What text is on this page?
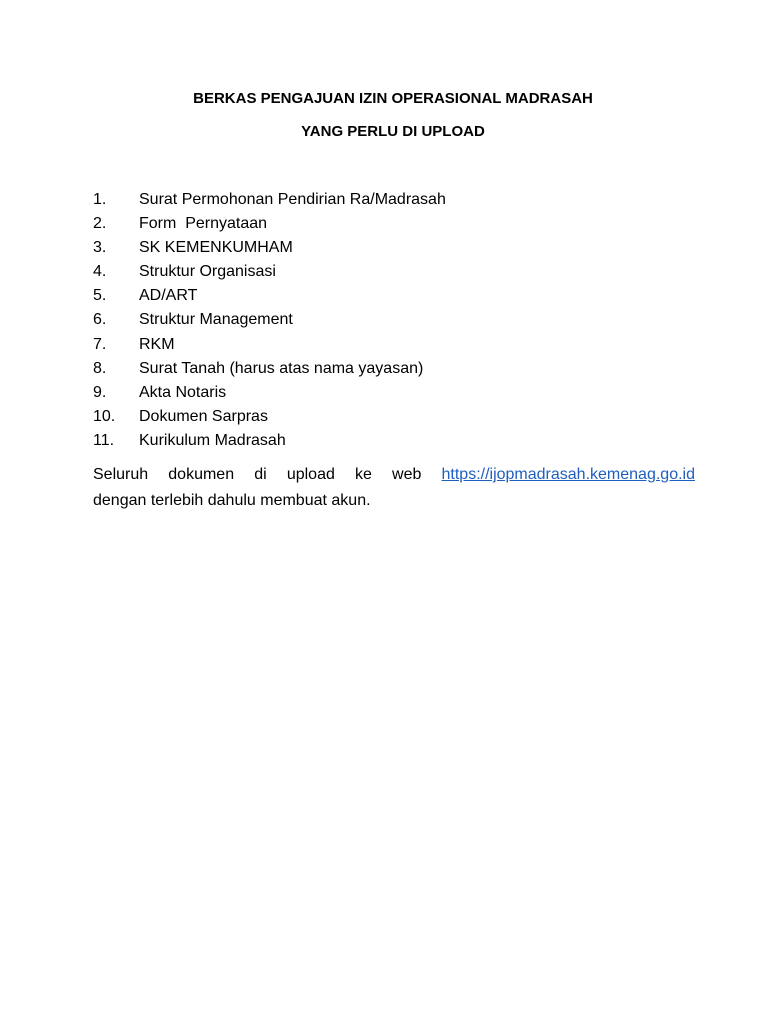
BERKAS PENGAJUAN IZIN OPERASIONAL MADRASAH
YANG PERLU DI UPLOAD
1.	Surat Permohonan Pendirian Ra/Madrasah
2.	Form  Pernyataan
3.	SK KEMENKUMHAM
4.	Struktur Organisasi
5.	AD/ART
6.	Struktur Management
7.	RKM
8.	Surat Tanah (harus atas nama yayasan)
9.	Akta Notaris
10.	Dokumen Sarpras
11.	Kurikulum Madrasah
Seluruh dokumen di upload ke web https://ijopmadrasah.kemenag.go.id
dengan terlebih dahulu membuat akun.
